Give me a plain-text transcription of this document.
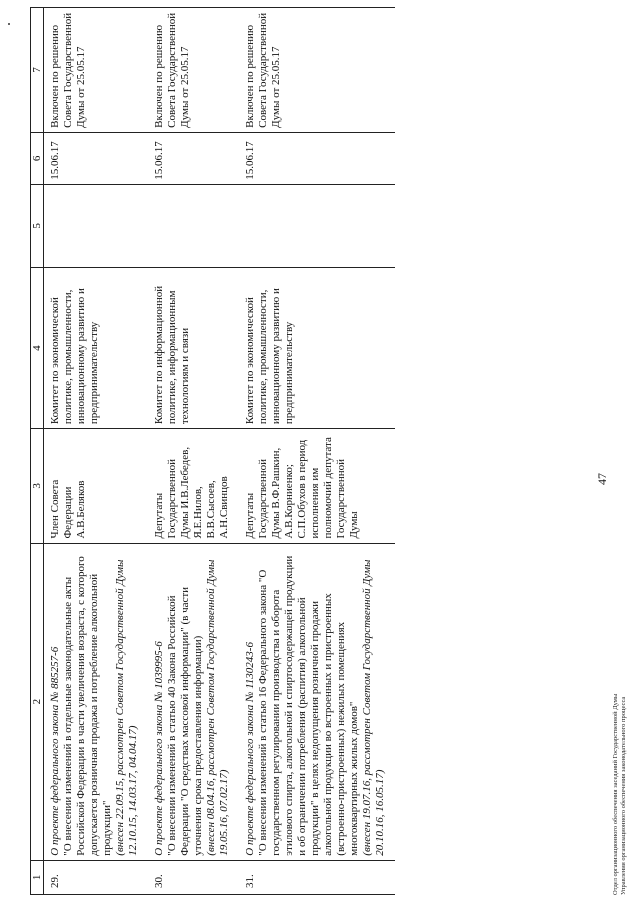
1	2	3	4	5	6	7
29.	О проекте федерального закона № 885257-6 "О внесении изменений в отдельные законодательные акты Российской Федерации в части увеличения возраста, с которого допускается розничная продажа и потребление алкогольной продукции" (внесен 22.09.15, рассмотрен Советом Государственной Думы 12.10.15, 14.03.17, 04.04.17)	Член Совета Федерации А.В.Беляков	Комитет по экономической политике, промышленности, инновационному развитию и предпринимательству		15.06.17	Включен по решению Совета Государственной Думы от 25.05.17
30.	О проекте федерального закона № 1039995-6 "О внесении изменений в статью 40 Закона Российской Федерации "О средствах массовой информации" (в части уточнения срока предоставления информации) (внесен 08.04.16, рассмотрен Советом Государственной Думы 19.05.16, 07.02.17)	Депутаты Государственной Думы И.В.Лебедев, Я.Е.Нилов, В.В.Сысоев, А.Н.Свинцов	Комитет по информационной политике, информационным технологиям и связи		15.06.17	Включен по решению Совета Государственной Думы от 25.05.17
31.	О проекте федерального закона № 1130243-6 "О внесении изменений в статью 16 Федерального закона "О государственном регулировании производства и оборота этилового спирта, алкогольной и спиртосодержащей продукции и об ограничении потребления (распития) алкогольной продукции" в целях недопущения розничной продажи алкогольной продукции во встроенных и пристроенных (встроенно-пристроенных) нежилых помещениях многоквартирных жилых домов" (внесен 19.07.16, рассмотрен Советом Государственной Думы 20.10.16, 16.05.17)	Депутаты Государственной Думы В.Ф.Рашкин, А.В.Корниенко; С.П.Обухов в период исполнения им полномочий депутата Государственной Думы	Комитет по экономической политике, промышленности, инновационному развитию и предпринимательству		15.06.17	Включен по решению Совета Государственной Думы от 25.05.17
47
Отдел организационного обеспечения заседаний Государственной Думы Управления организационного обеспечения законодательного процесса
